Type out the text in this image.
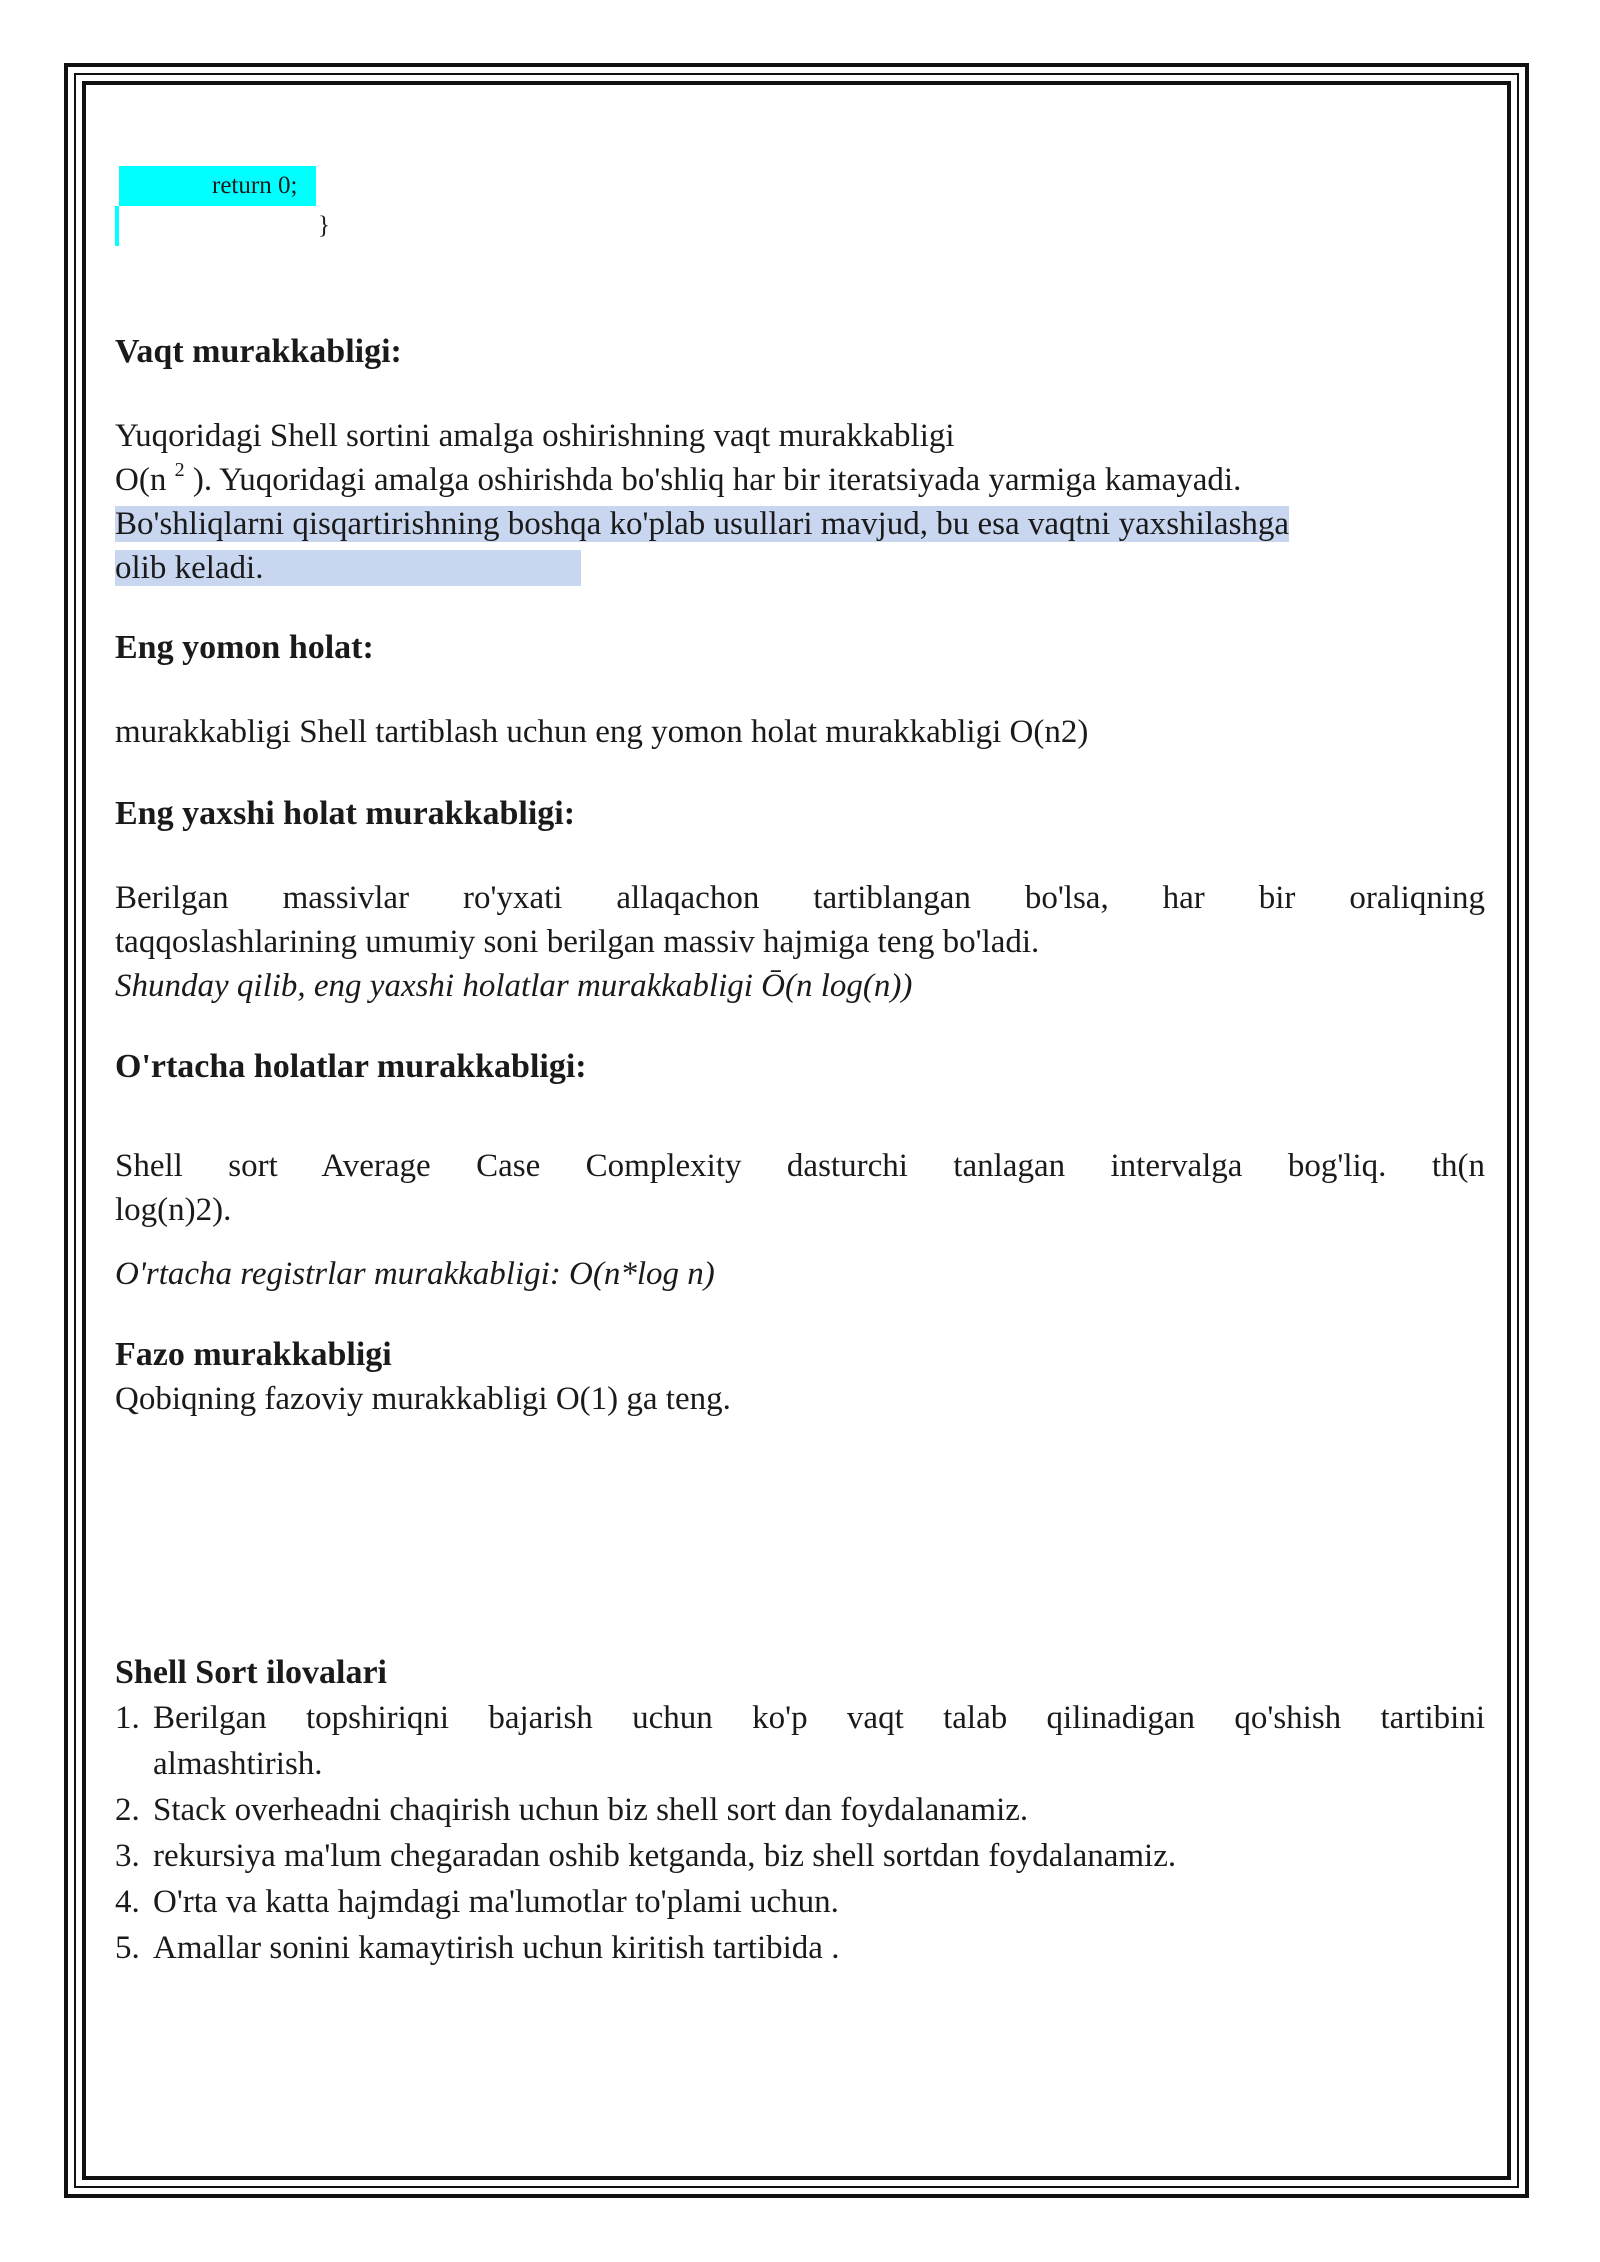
return 0;
}
Vaqt murakkabligi:

Yuqoridagi Shell sortini amalga oshirishning vaqt murakkabligi

O(n $^2$ ). Yuqoridagi amalga oshirishda bo'shliq har bir iteratsiyada yarmiga kamayadi.

Bo'shliqlarni qisqartirishning boshqa ko'plab usullari mavjud, bu esa vaqtni yaxshilashga

olib keladi.

Eng yomon holat:

murakkabligi Shell tartiblash uchun eng yomon holat murakkabligi O(n2)

Eng yaxshi holat murakkabligi:

Berilgan massivlar ro'yxati allaqachon tartiblangan bo'lsa, har bir oraliqning

taqqoslashlarining umumiy soni berilgan massiv hajmiga teng bo'ladi.

Shunday qilib, eng yaxshi holatlar murakkabligi Ō(n log(n))

O'rtacha holatlar murakkabligi:

Shell sort Average Case Complexity dasturchi tanlagan intervalga bog'liq. th(n

log(n)2).

O'rtacha registrlar murakkabligi: O(n*log n)

Fazo murakkabligi

Qobiqning fazoviy murakkabligi O(1) ga teng.

Shell Sort ilovalari
1. Berilgan topshiriqni bajarish uchun ko'p vaqt talab qilinadigan qo'shish tartibini
almashtirish.
2. Stack overheadni chaqirish uchun biz shell sort dan foydalanamiz.
3. rekursiya ma'lum chegaradan oshib ketganda, biz shell sortdan foydalanamiz.
4. O'rta va katta hajmdagi ma'lumotlar to'plami uchun.
5. Amallar sonini kamaytirish uchun kiritish tartibida .
